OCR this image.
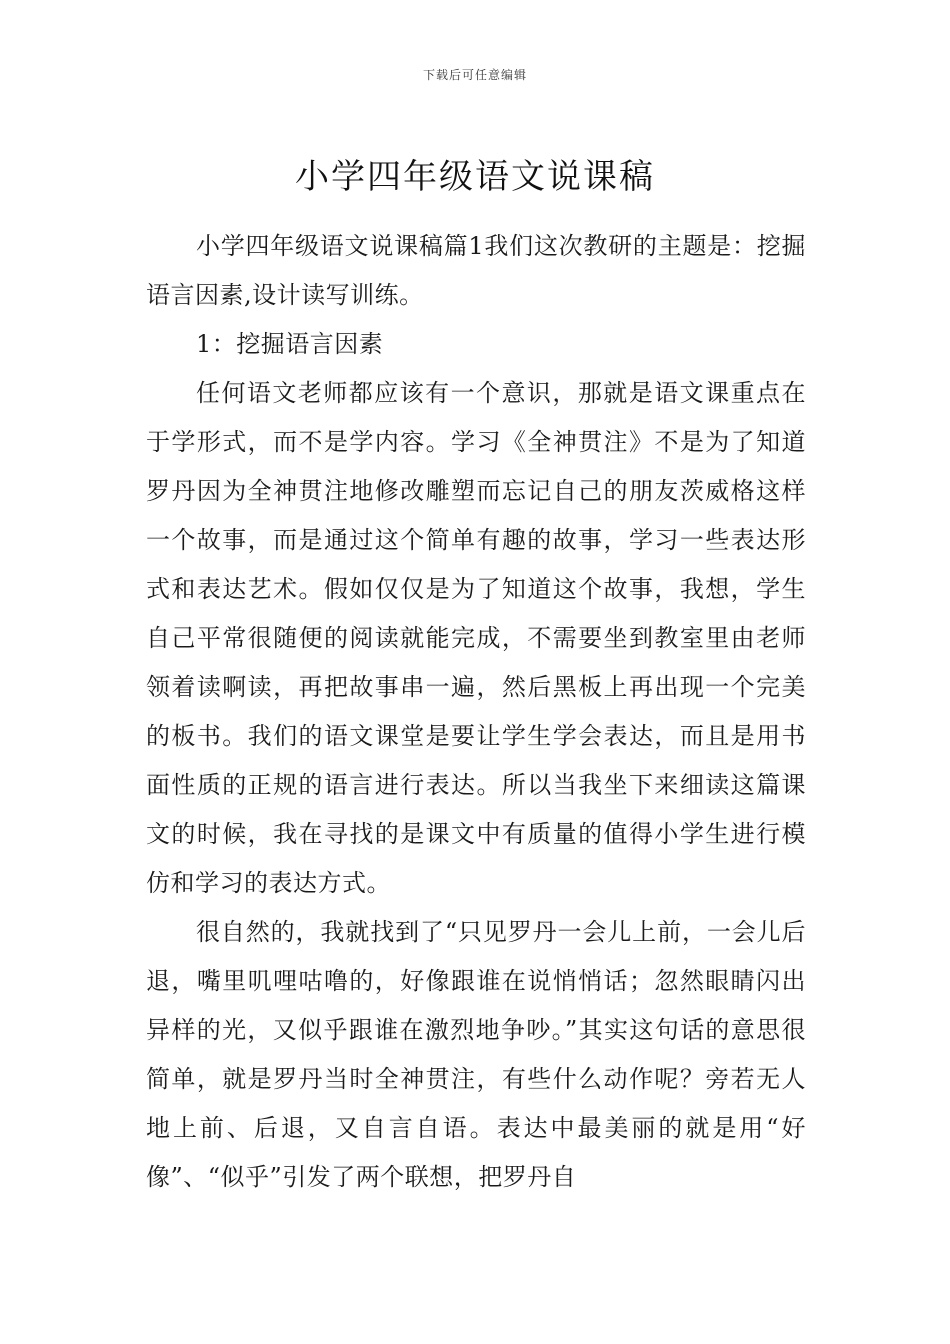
下载后可任意编辑
小学四年级语文说课稿

小学四年级语文说课稿篇1我们这次教研的主题是：挖掘语言因素,设计读写训练。

1：挖掘语言因素

任何语文老师都应该有一个意识，那就是语文课重点在于学形式，而不是学内容。学习《全神贯注》不是为了知道罗丹因为全神贯注地修改雕塑而忘记自己的朋友茨威格这样一个故事，而是通过这个简单有趣的故事，学习一些表达形式和表达艺术。假如仅仅是为了知道这个故事，我想，学生自己平常很随便的阅读就能完成，不需要坐到教室里由老师领着读啊读，再把故事串一遍，然后黑板上再出现一个完美的板书。我们的语文课堂是要让学生学会表达，而且是用书面性质的正规的语言进行表达。所以当我坐下来细读这篇课文的时候，我在寻找的是课文中有质量的值得小学生进行模仿和学习的表达方式。

很自然的，我就找到了“只见罗丹一会儿上前，一会儿后退，嘴里叽哩咕噜的，好像跟谁在说悄悄话；忽然眼睛闪出异样的光，又似乎跟谁在激烈地争吵。”其实这句话的意思很简单，就是罗丹当时全神贯注，有些什么动作呢？旁若无人地上前、后退，又自言自语。表达中最美丽的就是用“好像”、“似乎”引发了两个联想，把罗丹自
